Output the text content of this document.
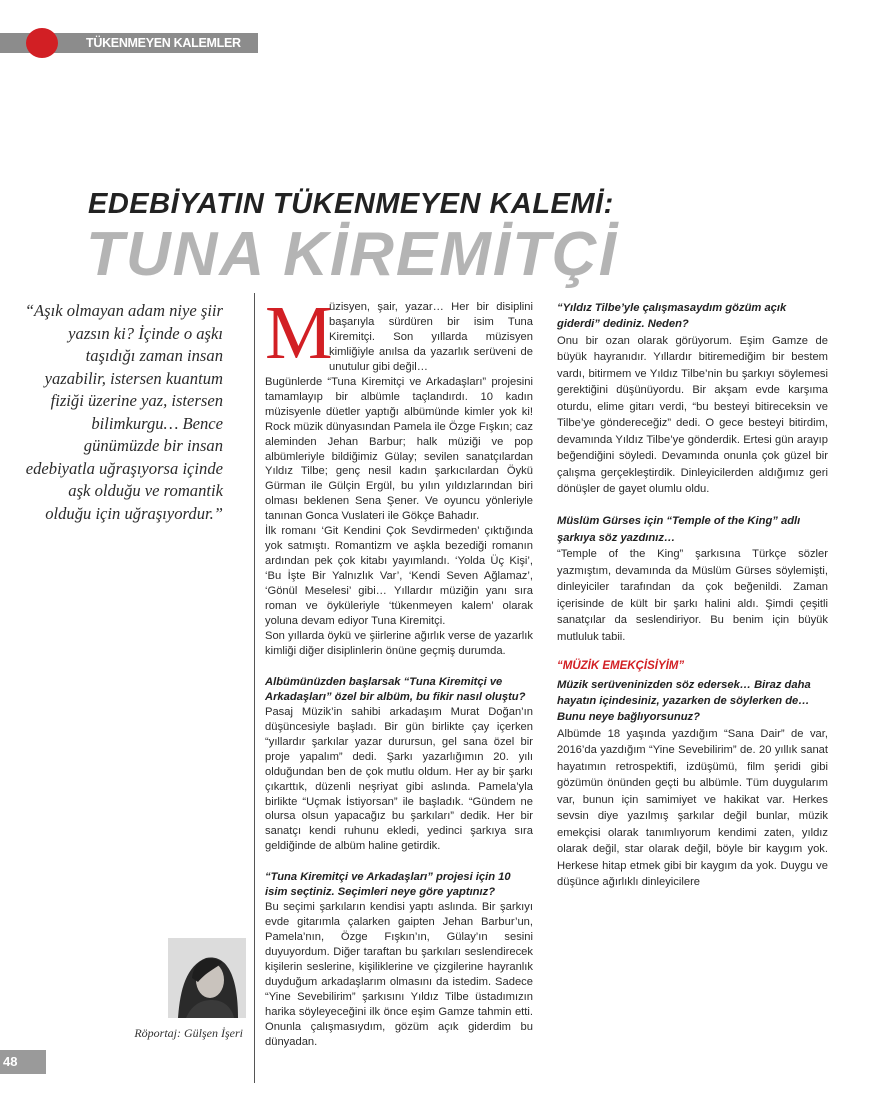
TÜKENMEYEN KALEMLER
EDEBİYATIN TÜKENMEYEN KALEMİ:
TUNA KİREMİTÇİ
“Aşık olmayan adam niye şiir yazsın ki? İçinde o aşkı taşıdığı zaman insan yazabilir, istersen kuantum fiziği üzerine yaz, istersen bilimkurgu… Bence günümüzde bir insan edebiyatla uğraşıyorsa içinde aşk olduğu ve romantik olduğu için uğraşıyordur.”
Röportaj: Gülşen İşeri

M
üzisyen, şair, yazar… Her bir disiplini başarıyla sürdüren bir isim Tuna Kiremitçi. Son yıllarda müzisyen kimliğiyle anılsa da yazarlık serüveni de unutulur gibi değil…

Bugünlerde “Tuna Kiremitçi ve Arkadaşları” projesini tamamlayıp bir albümle taçlandırdı. 10 kadın müzisyenle düetler yaptığı albümünde kimler yok ki! Rock müzik dünyasından Pamela ile Özge Fışkın; caz aleminden Jehan Barbur; halk müziği ve pop albümleriyle bildiğimiz Gülay; sevilen sanatçılardan Yıldız Tilbe; genç nesil kadın şarkıcılardan Öykü Gürman ile Gülçin Ergül, bu yılın yıldızlarından biri olması beklenen Sena Şener. Ve oyuncu yönleriyle tanınan Gonca Vuslateri ile Gökçe Bahadır.

İlk romanı ‘Git Kendini Çok Sevdirmeden’ çıktığında yok satmıştı. Romantizm ve aşkla bezediği romanın ardından pek çok kitabı yayımlandı. ‘Yolda Üç Kişi’, ‘Bu İşte Bir Yalnızlık Var’, ‘Kendi Seven Ağlamaz’, ‘Gönül Meselesi’ gibi… Yıllardır müziğin yanı sıra roman ve öyküleriyle ‘tükenmeyen kalem’ olarak yoluna devam ediyor Tuna Kiremitçi.

Son yıllarda öykü ve şiirlerine ağırlık verse de yazarlık kimliği diğer disiplinlerin önüne geçmiş durumda.

Albümünüzden başlarsak “Tuna Kiremitçi ve Arkadaşları” özel bir albüm, bu fikir nasıl oluştu?

Pasaj Müzik’in sahibi arkadaşım Murat Doğan’ın düşüncesiyle başladı. Bir gün birlikte çay içerken “yıllardır şarkılar yazar durursun, gel sana özel bir proje yapalım” dedi. Şarkı yazarlığımın 20. yılı olduğundan ben de çok mutlu oldum. Her ay bir şarkı çıkarttık, düzenli neşriyat gibi aslında. Pamela’yla birlikte “Uçmak İstiyorsan” ile başladık. “Gündem ne olursa olsun yapacağız bu şarkıları” dedik. Her bir sanatçı kendi ruhunu ekledi, yedinci şarkıya sıra geldiğinde de albüm haline getirdik.

“Tuna Kiremitçi ve Arkadaşları” projesi için 10 isim seçtiniz. Seçimleri neye göre yaptınız?

Bu seçimi şarkıların kendisi yaptı aslında. Bir şarkıyı evde gitarımla çalarken gaipten Jehan Barbur’un, Pamela’nın, Özge Fışkın’ın, Gülay’ın sesini duyuyordum. Diğer taraftan bu şarkıları seslendirecek kişilerin seslerine, kişiliklerine ve çizgilerine hayranlık duyduğum arkadaşlarım olmasını da istedim. Sadece “Yine Sevebilirim” şarkısını Yıldız Tilbe üstadımızın harika söyleyeceğini ilk önce eşim Gamze tahmin etti. Onunla çalışmasıydım, gözüm açık giderdim bu dünyadan.

“Yıldız Tilbe’yle çalışmasaydım gözüm açık giderdi” dediniz. Neden?

Onu bir ozan olarak görüyorum. Eşim Gamze de büyük hayranıdır. Yıllardır bitiremediğim bir bestem vardı, bitirmem ve Yıldız Tilbe’nin bu şarkıyı söylemesi gerektiğini düşünüyordu. Bir akşam evde karşıma oturdu, elime gitarı verdi, “bu besteyi bitireceksin ve Tilbe’ye göndereceğiz” dedi. O gece besteyi bitirdim, devamında Yıldız Tilbe’ye gönderdik. Ertesi gün arayıp beğendiğini söyledi. Devamında onunla çok güzel bir çalışma gerçekleştirdik. Dinleyicilerden aldığımız geri dönüşler de gayet olumlu oldu.

Müslüm Gürses için “Temple of the King” adlı şarkıya söz yazdınız…

“Temple of the King” şarkısına Türkçe sözler yazmıştım, devamında da Müslüm Gürses söylemişti, dinleyiciler tarafından da çok beğenildi. Zaman içerisinde de kült bir şarkı halini aldı. Şimdi çeşitli sanatçılar da seslendiriyor. Bu benim için büyük mutluluk tabii.

“MÜZİK EMEKÇİSİYİM”

Müzik serüveninizden söz edersek… Biraz daha hayatın içindesiniz, yazarken de söylerken de… Bunu neye bağlıyorsunuz?

Albümde 18 yaşında yazdığım “Sana Dair” de var, 2016’da yazdığım “Yine Sevebilirim” de. 20 yıllık sanat hayatımın retrospektifi, izdüşümü, film şeridi gibi gözümün önünden geçti bu albümle. Tüm duygularım var, bunun için samimiyet ve hakikat var. Herkes sevsin diye yazılmış şarkılar değil bunlar, müzik emekçisi olarak tanımlıyorum kendimi zaten, yıldız olarak değil, star olarak değil, böyle bir kaygım yok. Herkese hitap etmek gibi bir kaygım da yok. Duygu ve düşünce ağırlıklı dinleyicilere

48
